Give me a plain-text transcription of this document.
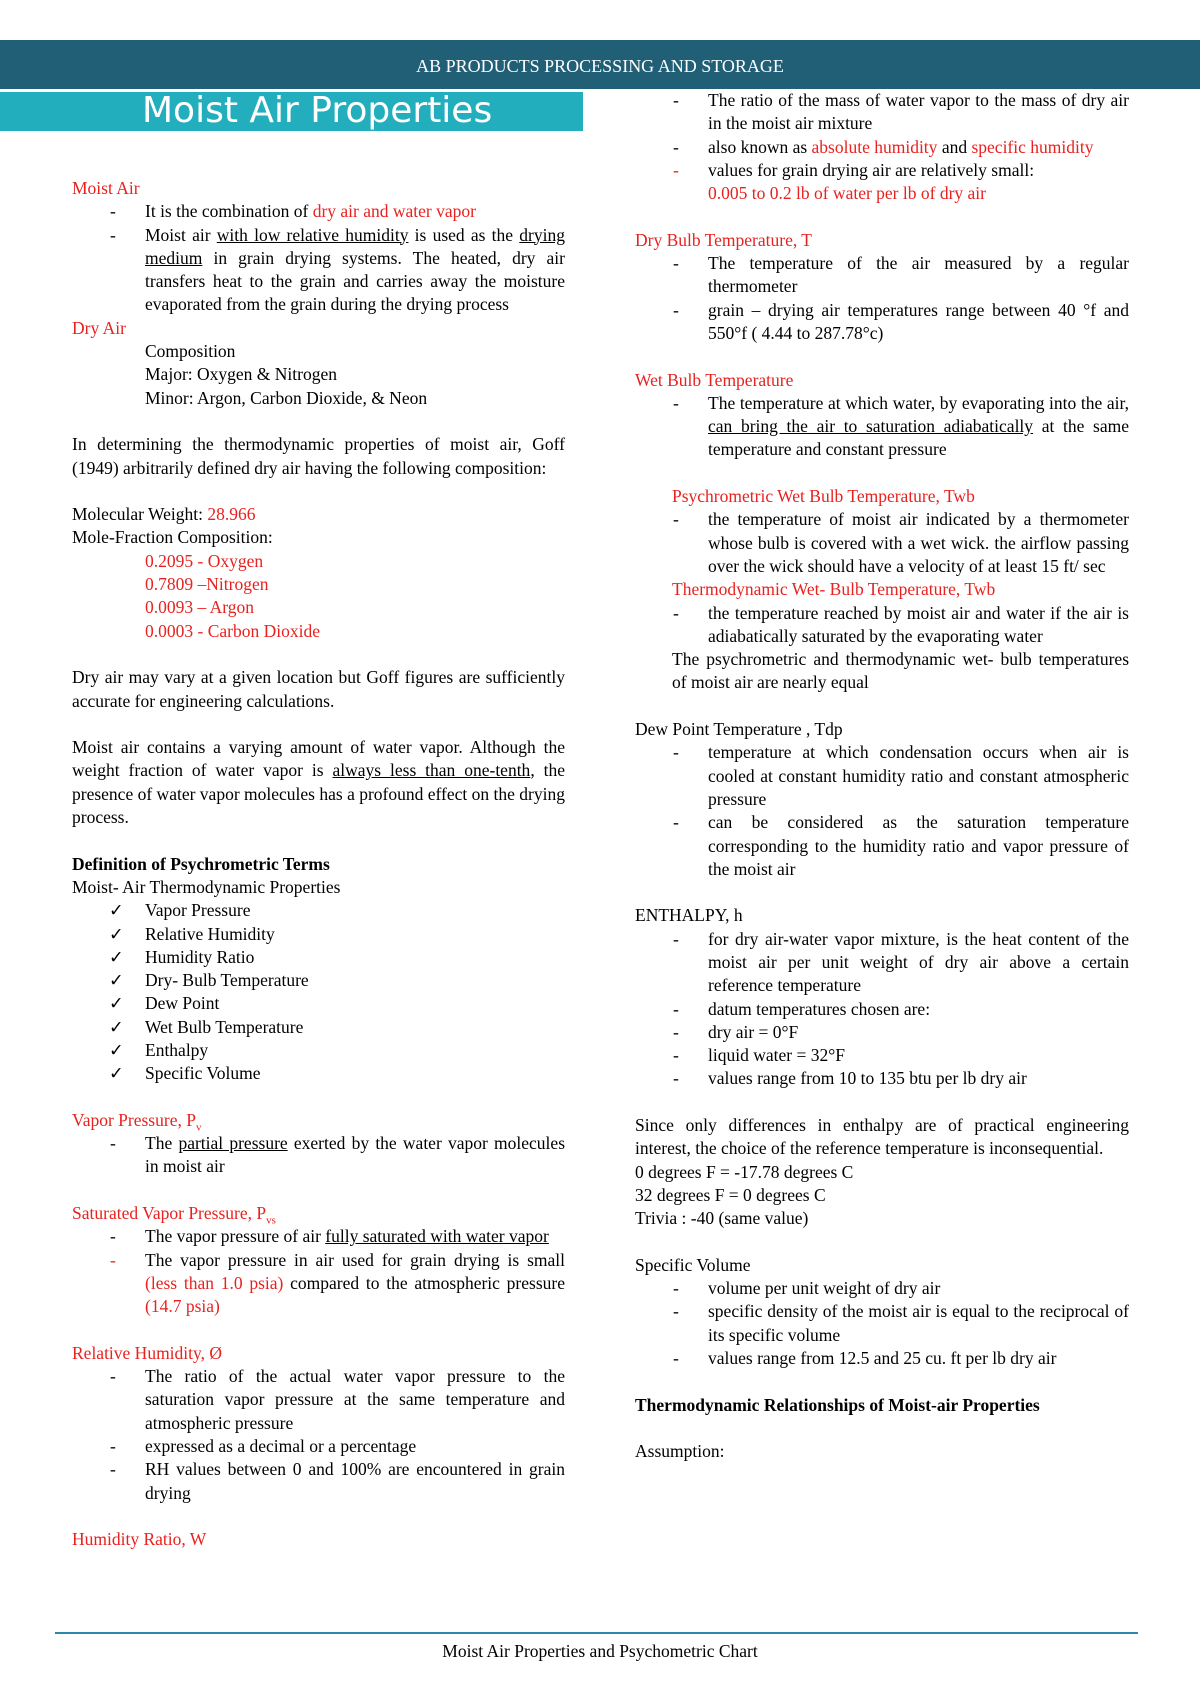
AB PRODUCTS PROCESSING AND STORAGE
Moist Air Properties

Moist Air

- It is the combination of dry air and water vapor
- Moist air with low relative humidity is used as the drying medium in grain drying systems. The heated, dry air transfers heat to the grain and carries away the moisture evaporated from the grain during the drying process

Dry Air

Composition

Major: Oxygen & Nitrogen

Minor: Argon, Carbon Dioxide, & Neon

In determining the thermodynamic properties of moist air, Goff (1949) arbitrarily defined dry air having the following composition:

Molecular Weight: 28.966

Mole-Fraction Composition:

0.2095 - Oxygen

0.7809 –Nitrogen

0.0093 – Argon

0.0003 - Carbon Dioxide

Dry air may vary at a given location but Goff figures are sufficiently accurate for engineering calculations.

Moist air contains a varying amount of water vapor. Although the weight fraction of water vapor is always less than one-tenth, the presence of water vapor molecules has a profound effect on the drying process.

Definition of Psychrometric Terms

Moist- Air Thermodynamic Properties

✓ Vapor Pressure
✓ Relative Humidity
✓ Humidity Ratio
✓ Dry- Bulb Temperature
✓ Dew Point
✓ Wet Bulb Temperature
✓ Enthalpy
✓ Specific Volume

Vapor Pressure, $P_v$

- The partial pressure exerted by the water vapor molecules in moist air

Saturated Vapor Pressure, $P_{vs}$

- The vapor pressure of air fully saturated with water vapor
- The vapor pressure in air used for grain drying is small (less than 1.0 psia) compared to the atmospheric pressure (14.7 psia)

Relative Humidity, Ø

- The ratio of the actual water vapor pressure to the saturation vapor pressure at the same temperature and atmospheric pressure
- expressed as a decimal or a percentage
- RH values between 0 and 100% are encountered in grain drying

Humidity Ratio, W

- The ratio of the mass of water vapor to the mass of dry air in the moist air mixture
- also known as absolute humidity and specific humidity
- values for grain drying air are relatively small:
0.005 to 0.2 lb of water per lb of dry air

Dry Bulb Temperature, T

- The temperature of the air measured by a regular thermometer
- grain – drying air temperatures range between 40 °f and 550°f ( 4.44 to 287.78°c)

Wet Bulb Temperature

- The temperature at which water, by evaporating into the air, can bring the air to saturation adiabatically at the same temperature and constant pressure

Psychrometric Wet Bulb Temperature, Twb

- the temperature of moist air indicated by a thermometer whose bulb is covered with a wet wick. the airflow passing over the wick should have a velocity of at least 15 ft/ sec

Thermodynamic Wet- Bulb Temperature, Twb

- the temperature reached by moist air and water if the air is adiabatically saturated by the evaporating water

The psychrometric and thermodynamic wet- bulb temperatures of moist air are nearly equal

Dew Point Temperature , Tdp

- temperature at which condensation occurs when air is cooled at constant humidity ratio and constant atmospheric pressure
- can be considered as the saturation temperature corresponding to the humidity ratio and vapor pressure of the moist air

ENTHALPY, h

- for dry air-water vapor mixture, is the heat content of the moist air per unit weight of dry air above a certain reference temperature
- datum temperatures chosen are:
- dry air = 0°F
- liquid water = 32°F
- values range from 10 to 135 btu per lb dry air

Since only differences in enthalpy are of practical engineering interest, the choice of the reference temperature is inconsequential.

0 degrees F = -17.78 degrees C

32 degrees F = 0 degrees C

Trivia : -40 (same value)

Specific Volume

- volume per unit weight of dry air
- specific density of the moist air is equal to the reciprocal of its specific volume
- values range from 12.5 and 25 cu. ft per lb dry air

Thermodynamic Relationships of Moist-air Properties

Assumption:

Moist Air Properties and Psychometric Chart
